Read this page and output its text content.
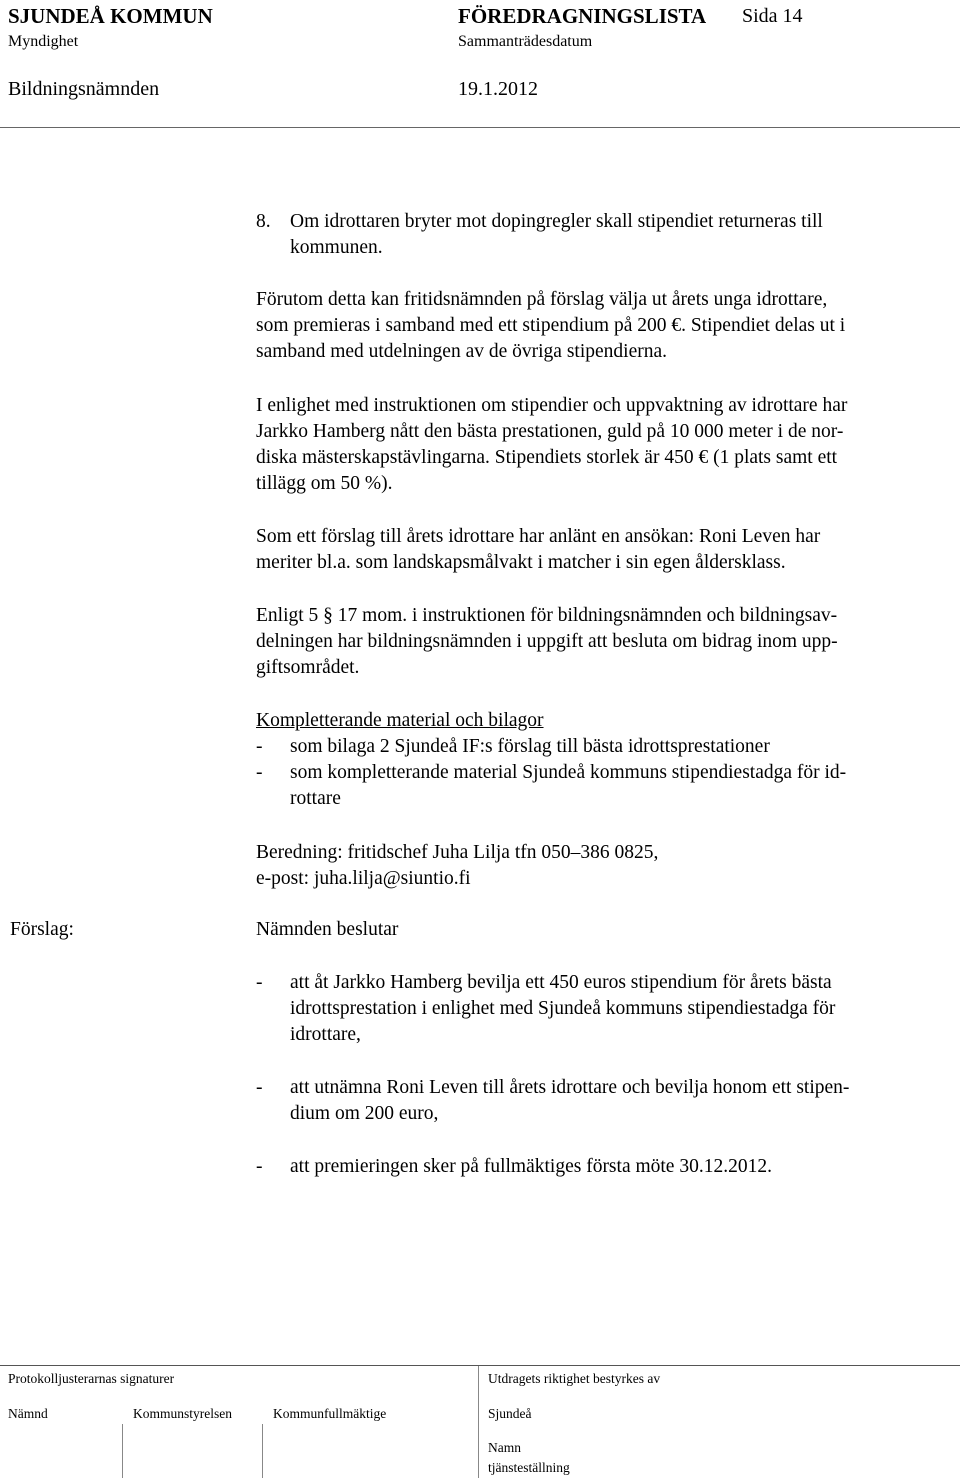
SJUNDEÅ KOMMUN	FÖREDRAGNINGSLISTA Sida 14
Myndighet	Sammanträdesdatum
Bildningsnämnden	19.1.2012
8. Om idrottaren bryter mot dopingregler skall stipendiet returneras till
kommunen.

Förutom detta kan fritidsnämnden på förslag välja ut årets unga idrottare,

som premieras i samband med ett stipendium på 200 €. Stipendiet delas ut i

samband med utdelningen av de övriga stipendierna.

I enlighet med instruktionen om stipendier och uppvaktning av idrottare har

Jarkko Hamberg nått den bästa prestationen, guld på 10 000 meter i de nor-

diska mästerskapstävlingarna. Stipendiets storlek är 450 € (1 plats samt ett

tillägg om 50 %).

Som ett förslag till årets idrottare har anlänt en ansökan: Roni Leven har

meriter bl.a. som landskapsmålvakt i matcher i sin egen åldersklass.

Enligt 5 § 17 mom. i instruktionen för bildningsnämnden och bildningsav-

delningen har bildningsnämnden i uppgift att besluta om bidrag inom upp-

giftsområdet.

Kompletterande material och bilagor
- som bilaga 2 Sjundeå IF:s förslag till bästa idrottsprestationer
- som kompletterande material Sjundeå kommuns stipendiestadga för id-
rottare
Beredning: fritidschef Juha Lilja tfn 050–386 0825,
e-post: juha.lilja@siuntio.fi
Förslag:	Nämnden beslutar
- att åt Jarkko Hamberg bevilja ett 450 euros stipendium för årets bästa
idrottsprestation i enlighet med Sjundeå kommuns stipendiestadga för
idrottare,
- att utnämna Roni Leven till årets idrottare och bevilja honom ett stipen-
dium om 200 euro,
- att premieringen sker på fullmäktiges första möte 30.12.2012.
Protokolljusterarnas signaturer	Utdragets riktighet bestyrkes av
Nämnd	Kommunstyrelsen	Kommunfullmäktige	Sjundeå
Namn
tjänsteställning
